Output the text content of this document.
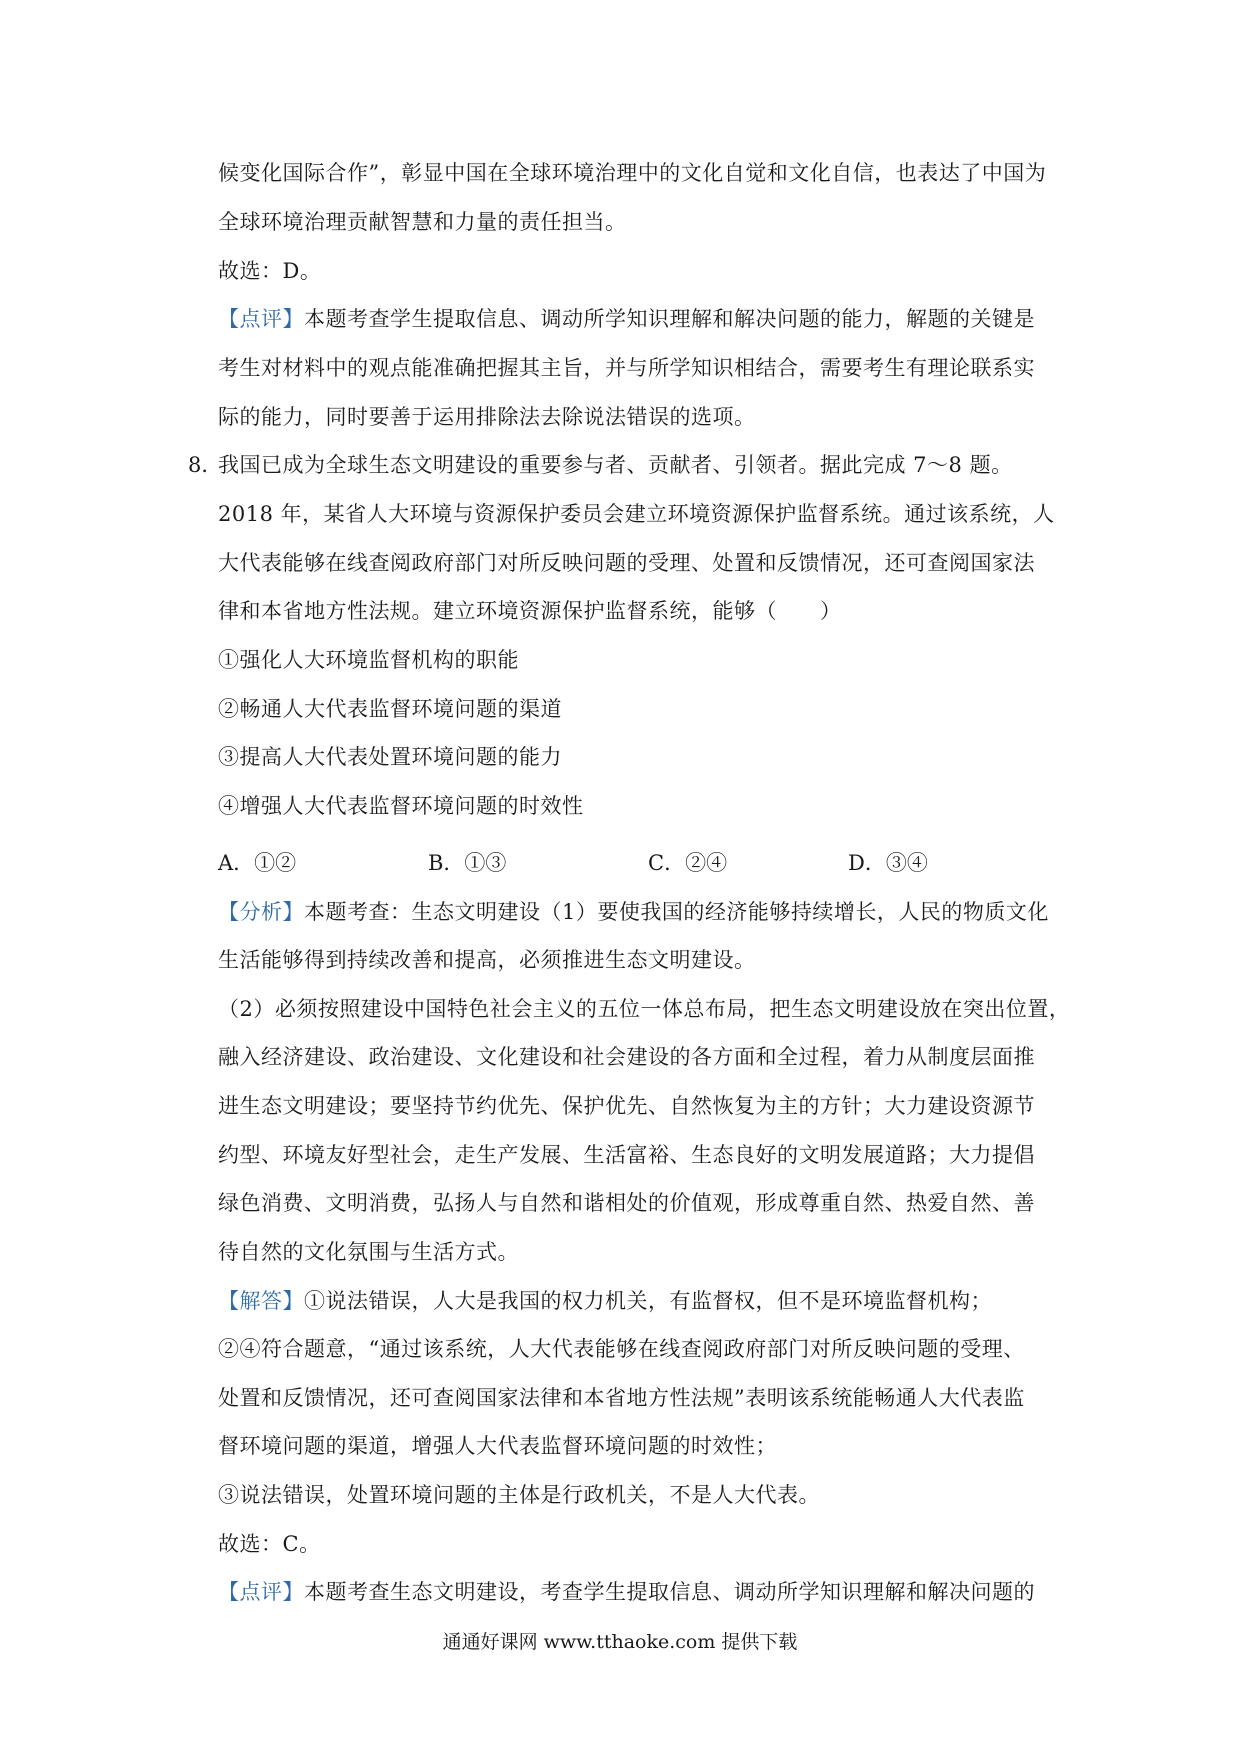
候变化国际合作”，彰显中国在全球环境治理中的文化自觉和文化自信，也表达了中国为
全球环境治理贡献智慧和力量的责任担当。
故选：D。
【点评】本题考查学生提取信息、调动所学知识理解和解决问题的能力，解题的关键是
考生对材料中的观点能准确把握其主旨，并与所学知识相结合，需要考生有理论联系实
际的能力，同时要善于运用排除法去除说法错误的选项。
8．
我国已成为全球生态文明建设的重要参与者、贡献者、引领者。据此完成 7～8 题。
2018 年，某省人大环境与资源保护委员会建立环境资源保护监督系统。通过该系统，人
大代表能够在线查阅政府部门对所反映问题的受理、处置和反馈情况，还可查阅国家法
律和本省地方性法规。建立环境资源保护监督系统，能够（　　）
①强化人大环境监督机构的职能
②畅通人大代表监督环境问题的渠道
③提高人大代表处置环境问题的能力
④增强人大代表监督环境问题的时效性
A．①②	B．①③	C．②④	D．③④
【分析】本题考查：生态文明建设（1）要使我国的经济能够持续增长，人民的物质文化
生活能够得到持续改善和提高，必须推进生态文明建设。
（2）必须按照建设中国特色社会主义的五位一体总布局，把生态文明建设放在突出位置，
融入经济建设、政治建设、文化建设和社会建设的各方面和全过程，着力从制度层面推
进生态文明建设；要坚持节约优先、保护优先、自然恢复为主的方针；大力建设资源节
约型、环境友好型社会，走生产发展、生活富裕、生态良好的文明发展道路；大力提倡
绿色消费、文明消费，弘扬人与自然和谐相处的价值观，形成尊重自然、热爱自然、善
待自然的文化氛围与生活方式。
【解答】①说法错误，人大是我国的权力机关，有监督权，但不是环境监督机构；
②④符合题意，“通过该系统，人大代表能够在线查阅政府部门对所反映问题的受理、
处置和反馈情况，还可查阅国家法律和本省地方性法规”表明该系统能畅通人大代表监
督环境问题的渠道，增强人大代表监督环境问题的时效性；
③说法错误，处置环境问题的主体是行政机关，不是人大代表。
故选：C。
【点评】本题考查生态文明建设，考查学生提取信息、调动所学知识理解和解决问题的
通通好课网 www.tthaoke.com 提供下载
